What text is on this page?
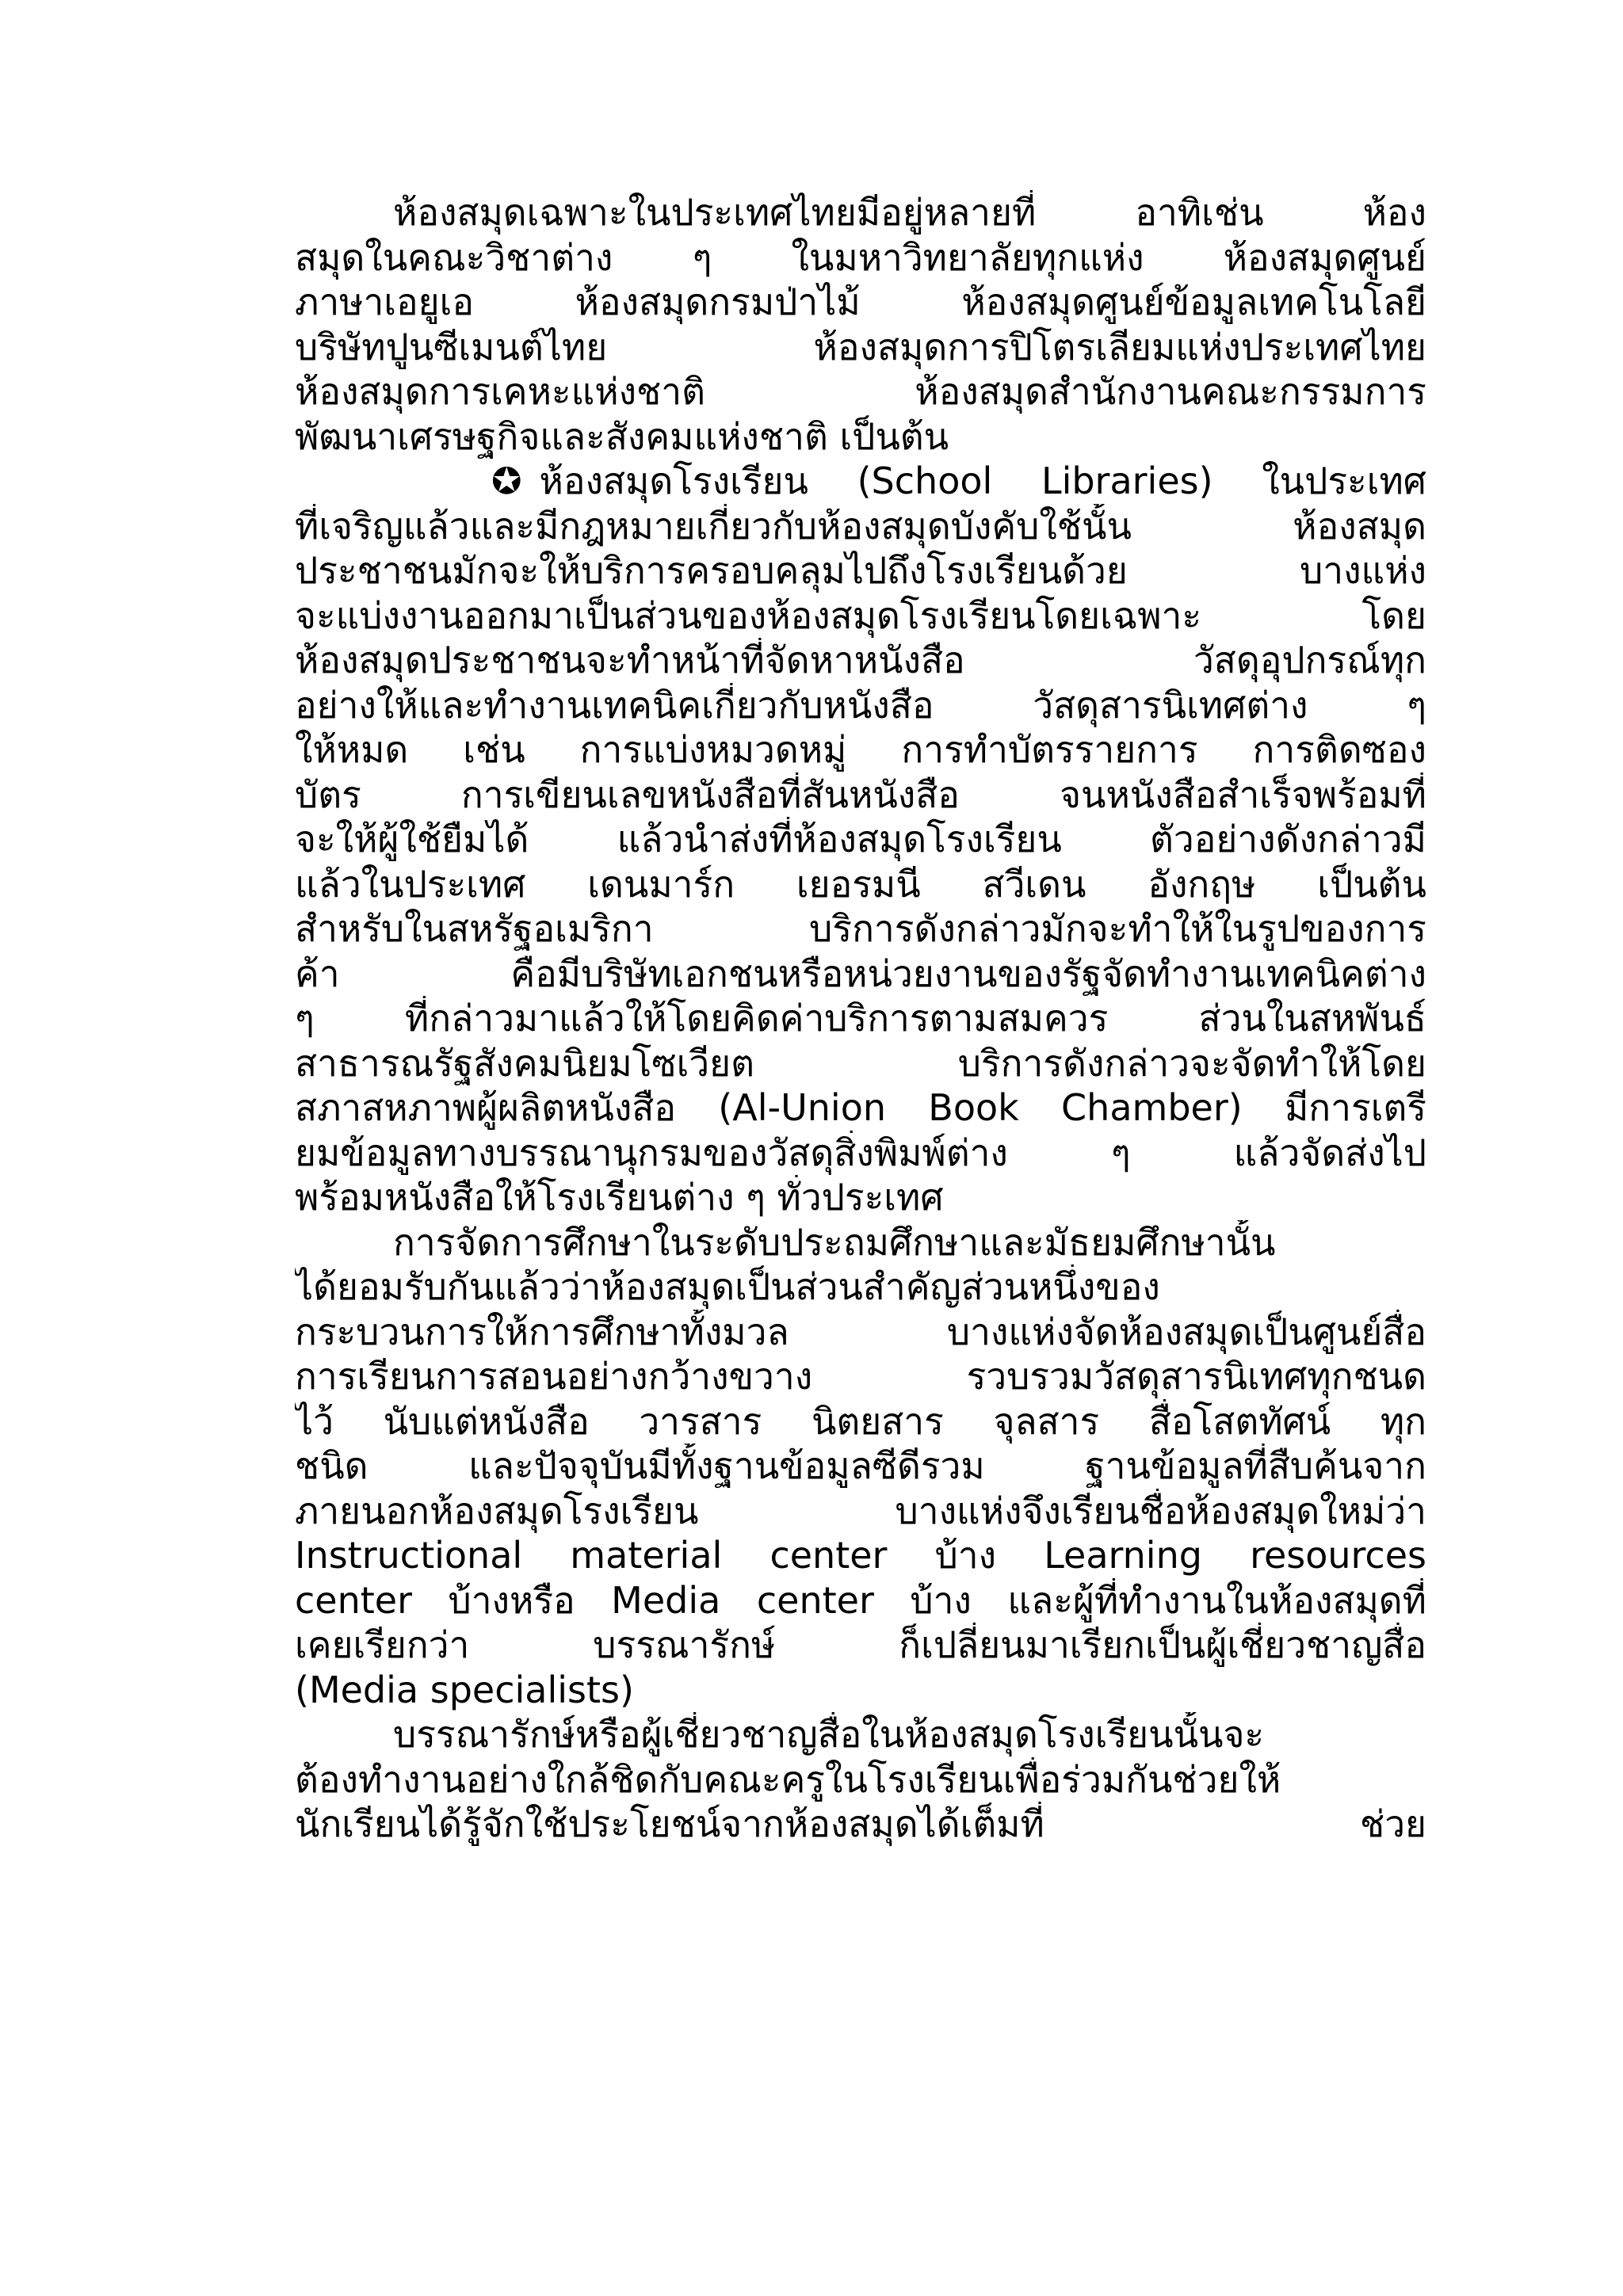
ห้องสมุดเฉพาะในประเทศไทยมีอยู่หลายที่ อาทิเช่น ห้อง
สมุดในคณะวิชาต่าง ๆ ในมหาวิทยาลัยทุกแห่ง ห้องสมุดศูนย์
ภาษาเอยูเอ ห้องสมุดกรมป่าไม้ ห้องสมุดศูนย์ข้อมูลเทคโนโลยี
บริษัทปูนซีเมนต์ไทย ห้องสมุดการปิโตรเลียมแห่งประเทศไทย
ห้องสมุดการเคหะแห่งชาติ ห้องสมุดสำนักงานคณะกรรมการ
พัฒนาเศรษฐกิจและสังคมแห่งชาติ เป็นต้น
✪ ห้องสมุดโรงเรียน (School Libraries) ในประเทศ
ที่เจริญแล้วและมีกฎหมายเกี่ยวกับห้องสมุดบังคับใช้นั้น ห้องสมุด
ประชาชนมักจะให้บริการครอบคลุมไปถึงโรงเรียนด้วย บางแห่ง
จะแบ่งงานออกมาเป็นส่วนของห้องสมุดโรงเรียนโดยเฉพาะ โดย
ห้องสมุดประชาชนจะทำหน้าที่จัดหาหนังสือ วัสดุอุปกรณ์ทุก
อย่างให้และทำงานเทคนิคเกี่ยวกับหนังสือ วัสดุสารนิเทศต่าง ๆ
ให้หมด เช่น การแบ่งหมวดหมู่ การทำบัตรรายการ การติดซอง
บัตร การเขียนเลขหนังสือที่สันหนังสือ จนหนังสือสำเร็จพร้อมที่
จะให้ผู้ใช้ยืมได้ แล้วนำส่งที่ห้องสมุดโรงเรียน ตัวอย่างดังกล่าวมี
แล้วในประเทศ เดนมาร์ก เยอรมนี สวีเดน อังกฤษ เป็นต้น
สำหรับในสหรัฐอเมริกา บริการดังกล่าวมักจะทำให้ในรูปของการ
ค้า คือมีบริษัทเอกชนหรือหน่วยงานของรัฐจัดทำงานเทคนิคต่าง
ๆ ที่กล่าวมาแล้วให้โดยคิดค่าบริการตามสมควร ส่วนในสหพันธ์
สาธารณรัฐสังคมนิยมโซเวียต บริการดังกล่าวจะจัดทำให้โดย
สภาสหภาพผู้ผลิตหนังสือ (Al-Union Book Chamber) มีการเตรี
ยมข้อมูลทางบรรณานุกรมของวัสดุสิ่งพิมพ์ต่าง ๆ แล้วจัดส่งไป
พร้อมหนังสือให้โรงเรียนต่าง ๆ ทั่วประเทศ
การจัดการศึกษาในระดับประถมศึกษาและมัธยมศึกษานั้น
ได้ยอมรับกันแล้วว่าห้องสมุดเป็นส่วนสำคัญส่วนหนึ่งของ
กระบวนการให้การศึกษาทั้งมวล บางแห่งจัดห้องสมุดเป็นศูนย์สื่อ
การเรียนการสอนอย่างกว้างขวาง รวบรวมวัสดุสารนิเทศทุกชนด
ไว้ นับแต่หนังสือ วารสาร นิตยสาร จุลสาร สื่อโสตทัศน์ ทุก
ชนิด และปัจจุบันมีทั้งฐานข้อมูลซีดีรวม ฐานข้อมูลที่สืบค้นจาก
ภายนอกห้องสมุดโรงเรียน บางแห่งจึงเรียนชื่อห้องสมุดใหม่ว่า
Instructional material center บ้าง Learning resources
center บ้างหรือ Media center บ้าง และผู้ที่ทำงานในห้องสมุดที่
เคยเรียกว่า บรรณารักษ์ ก็เปลี่ยนมาเรียกเป็นผู้เชี่ยวชาญสื่อ
(Media specialists)
บรรณารักษ์หรือผู้เชี่ยวชาญสื่อในห้องสมุดโรงเรียนนั้นจะ
ต้องทำงานอย่างใกล้ชิดกับคณะครูในโรงเรียนเพื่อร่วมกันช่วยให้
นักเรียนได้รู้จักใช้ประโยชน์จากห้องสมุดได้เต็มที่ ช่วย
